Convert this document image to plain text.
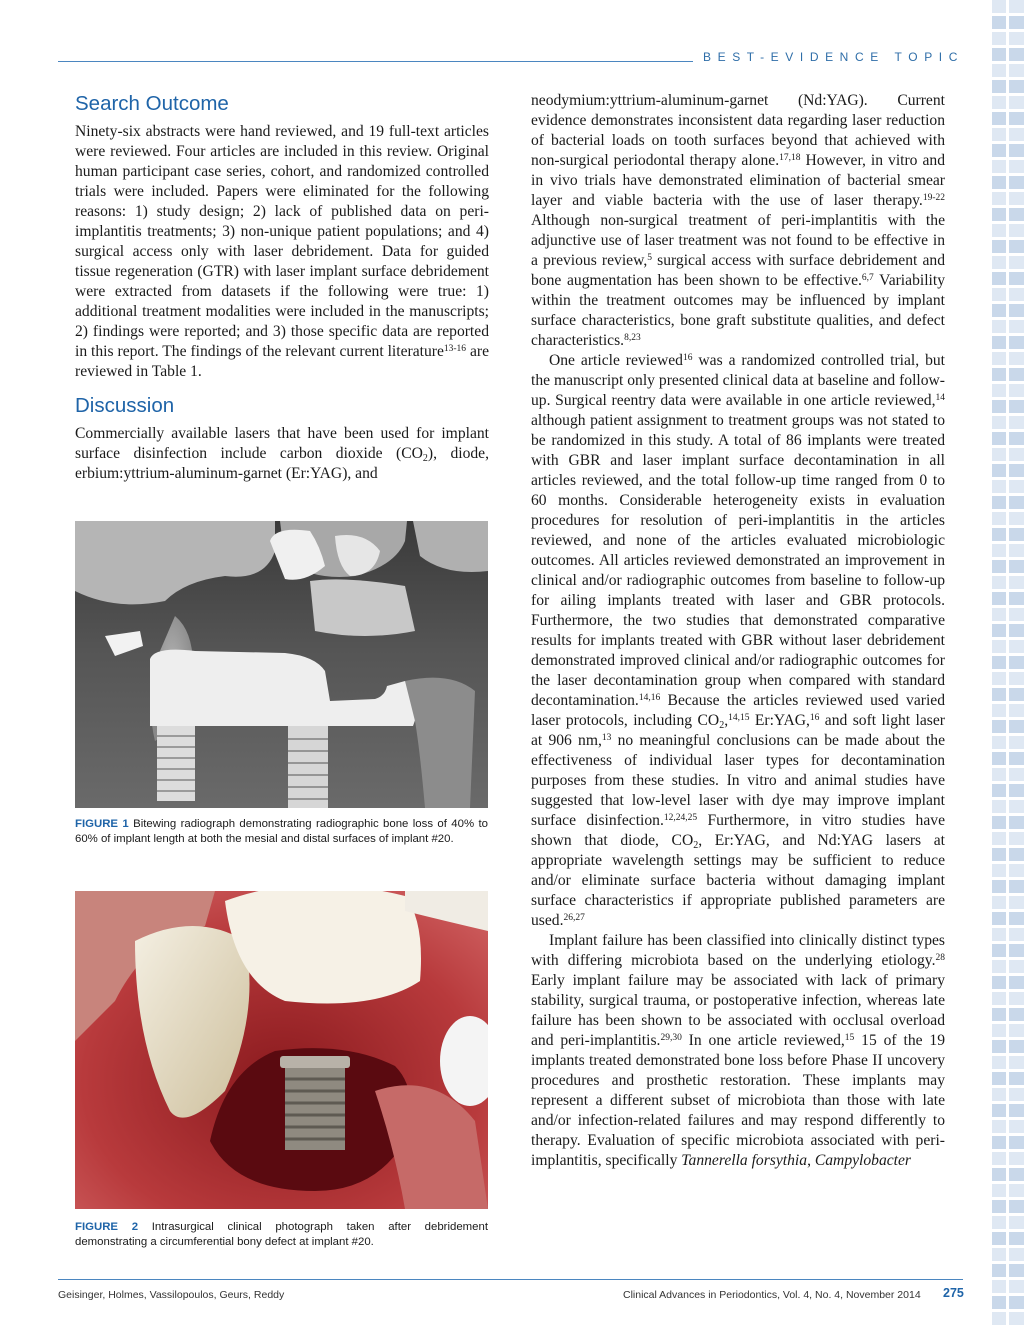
BEST-EVIDENCE TOPIC
Search Outcome

Ninety-six abstracts were hand reviewed, and 19 full-text articles were reviewed. Four articles are included in this review. Original human participant case series, cohort, and randomized controlled trials were included. Papers were eliminated for the following reasons: 1) study design; 2) lack of published data on peri-implantitis treatments; 3) non-unique patient populations; and 4) surgical access only with laser debridement. Data for guided tissue regeneration (GTR) with laser implant surface debridement were extracted from datasets if the following were true: 1) additional treatment modalities were included in the manuscripts; 2) findings were reported; and 3) those specific data are reported in this report. The findings of the relevant current literature$^{13-16}$ are reviewed in Table 1.

Discussion

Commercially available lasers that have been used for implant surface disinfection include carbon dioxide $(CO_2)$, diode, erbium:yttrium-aluminum-garnet (Er:YAG), and

FIGURE 1 Bitewing radiograph demonstrating radiographic bone loss of 40% to 60% of implant length at both the mesial and distal surfaces of implant #20.
FIGURE 2 Intrasurgical clinical photograph taken after debridement demonstrating a circumferential bony defect at implant #20.

neodymium:yttrium-aluminum-garnet (Nd:YAG). Current evidence demonstrates inconsistent data regarding laser reduction of bacterial loads on tooth surfaces beyond that achieved with non-surgical periodontal therapy alone.$^{17,18}$ However, in vitro and in vivo trials have demonstrated elimination of bacterial smear layer and viable bacteria with the use of laser therapy.$^{19-22}$ Although non-surgical treatment of peri-implantitis with the adjunctive use of laser treatment was not found to be effective in a previous review,$^5$ surgical access with surface debridement and bone augmentation has been shown to be effective.$^{6,7}$ Variability within the treatment outcomes may be influenced by implant surface characteristics, bone graft substitute qualities, and defect characteristics.$^{8,23}$

One article reviewed$^{16}$ was a randomized controlled trial, but the manuscript only presented clinical data at baseline and follow-up. Surgical reentry data were available in one article reviewed,$^{14}$ although patient assignment to treatment groups was not stated to be randomized in this study. A total of 86 implants were treated with GBR and laser implant surface decontamination in all articles reviewed, and the total follow-up time ranged from 0 to 60 months. Considerable heterogeneity exists in evaluation procedures for resolution of peri-implantitis in the articles reviewed, and none of the articles evaluated microbiologic outcomes. All articles reviewed demonstrated an improvement in clinical and/or radiographic outcomes from baseline to follow-up for ailing implants treated with laser and GBR protocols. Furthermore, the two studies that demonstrated comparative results for implants treated with GBR without laser debridement demonstrated improved clinical and/or radiographic outcomes for the laser decontamination group when compared with standard decontamination.$^{14,16}$ Because the articles reviewed used varied laser protocols, including $CO_2,^{14,15}$ Er:YAG,$^{16}$ and soft light laser at 906 nm,$^{13}$ no meaningful conclusions can be made about the effectiveness of individual laser types for decontamination purposes from these studies. In vitro and animal studies have suggested that low-level laser with dye may improve implant surface disinfection.$^{12,24,25}$ Furthermore, in vitro studies have shown that diode, $CO_2$, Er:YAG, and Nd:YAG lasers at appropriate wavelength settings may be sufficient to reduce and/or eliminate surface bacteria without damaging implant surface characteristics if appropriate published parameters are used.$^{26,27}$

Implant failure has been classified into clinically distinct types with differing microbiota based on the underlying etiology.$^{28}$ Early implant failure may be associated with lack of primary stability, surgical trauma, or postoperative infection, whereas late failure has been shown to be associated with occlusal overload and peri-implantitis.$^{29,30}$ In one article reviewed,$^{15}$ 15 of the 19 implants treated demonstrated bone loss before Phase II uncovery procedures and prosthetic restoration. These implants may represent a different subset of microbiota than those with late and/or infection-related failures and may respond differently to therapy. Evaluation of specific microbiota associated with peri-implantitis, specifically Tannerella forsythia, Campylobacter

Geisinger, Holmes, Vassilopoulos, Geurs, Reddy	Clinical Advances in Periodontics, Vol. 4, No. 4, November 2014 275
